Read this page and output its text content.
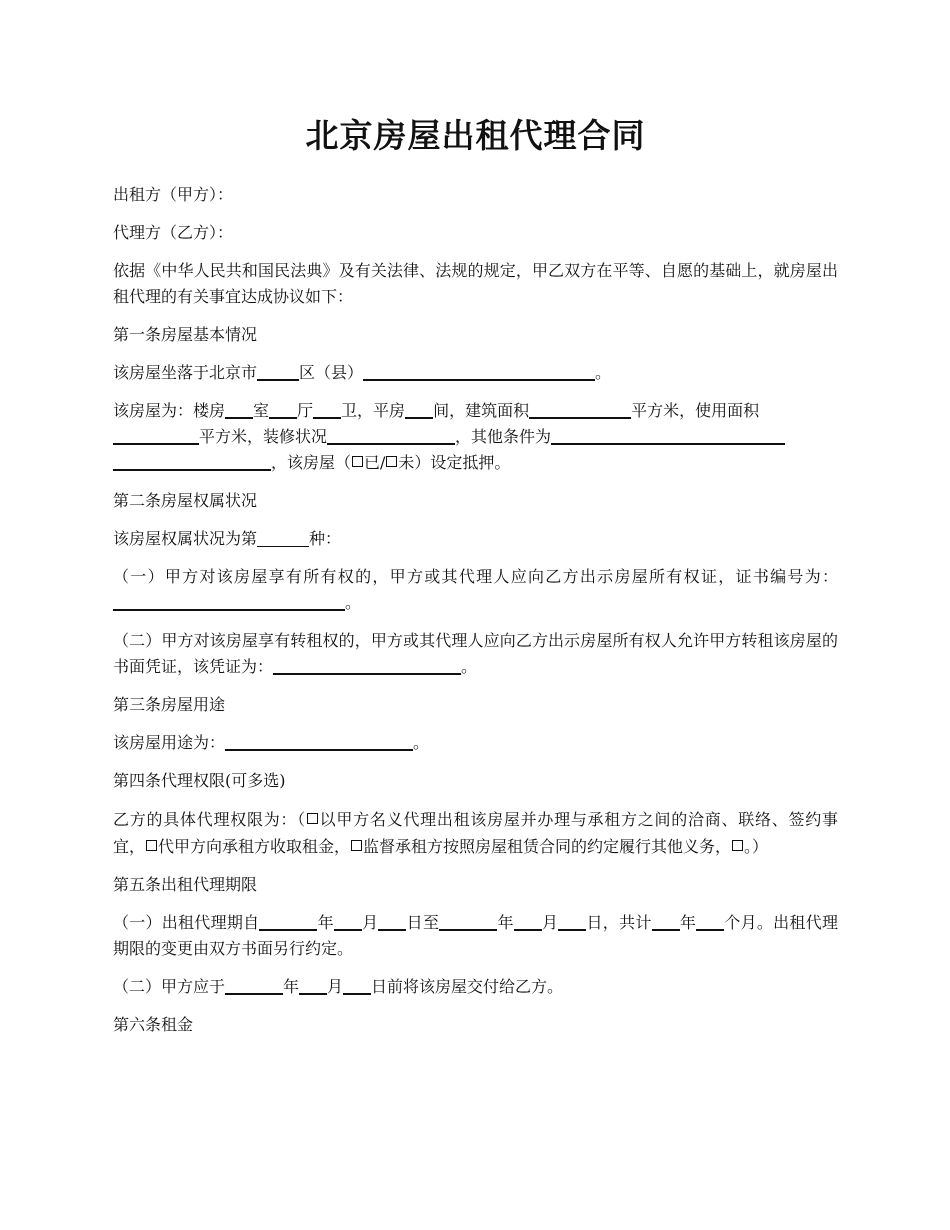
北京房屋出租代理合同

出租方（甲方）：

代理方（乙方）：

依据《中华人民共和国民法典》及有关法律、法规的规定，甲乙双方在平等、自愿的基础上，就房屋出租代理的有关事宜达成协议如下：

第一条房屋基本情况

该房屋坐落于北京市	区（县）	。

该房屋为：楼房 室 厅 卫，平房 间，建筑面积	平方米，使用面积
平方米，装修状况	，其他条件为
，该房屋（ 已/ 未）设定抵押。

第二条房屋权属状况

该房屋权属状况为第	种：

（一）甲方对该房屋享有所有权的，甲方或其代理人应向乙方出示房屋所有权证，证书编号为：。

（二）甲方对该房屋享有转租权的，甲方或其代理人应向乙方出示房屋所有权人允许甲方转租该房屋的书面凭证，该凭证为：	。

第三条房屋用途

该房屋用途为：	。

第四条代理权限(可多选)

乙方的具体代理权限为：（ 以甲方名义代理出租该房屋并办理与承租方之间的洽商、联络、签约事宜， 代甲方向承租方收取租金， 监督承租方按照房屋租赁合同的约定履行其他义务， 。）

第五条出租代理期限

（一）出租代理期自	年 月 日至	年 月 日，共计 年 个月。出租代理期限的变更由双方书面另行约定。

（二）甲方应于	年 月 日前将该房屋交付给乙方。

第六条租金
